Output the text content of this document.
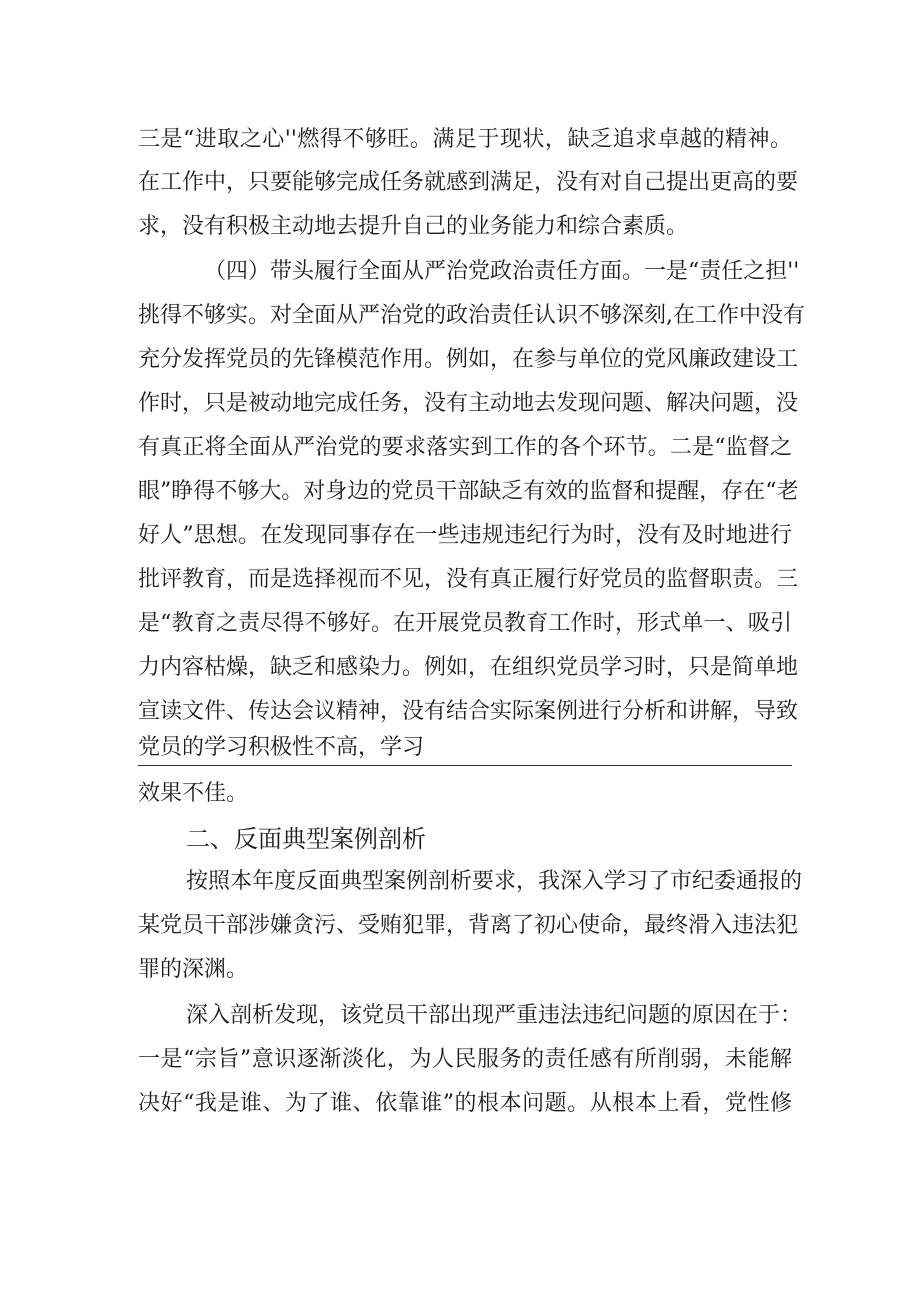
三是“进取之心''燃得不够旺。满足于现状，缺乏追求卓越的精神。
在工作中，只要能够完成任务就感到满足，没有对自己提出更高的要
求，没有积极主动地去提升自己的业务能力和综合素质。
（四）带头履行全面从严治党政治责任方面。一是“责任之担''
挑得不够实。对全面从严治党的政治责任认识不够深刻,在工作中没有
充分发挥党员的先锋模范作用。例如，在参与单位的党风廉政建设工
作时，只是被动地完成任务，没有主动地去发现问题、解决问题，没
有真正将全面从严治党的要求落实到工作的各个环节。二是“监督之
眼”睁得不够大。对身边的党员干部缺乏有效的监督和提醒，存在“老
好人”思想。在发现同事存在一些违规违纪行为时，没有及时地进行
批评教育，而是选择视而不见，没有真正履行好党员的监督职责。三
是“教育之责尽得不够好。在开展党员教育工作时，形式单一、吸引
力内容枯燥，缺乏和感染力。例如，在组织党员学习时，只是简单地
宣读文件、传达会议精神，没有结合实际案例进行分析和讲解，导致
党员的学习积极性不高，学习
效果不佳。
二、反面典型案例剖析
按照本年度反面典型案例剖析要求，我深入学习了市纪委通报的
某党员干部涉嫌贪污、受贿犯罪，背离了初心使命，最终滑入违法犯
罪的深渊。
深入剖析发现，该党员干部出现严重违法违纪问题的原因在于：
一是“宗旨”意识逐渐淡化，为人民服务的责任感有所削弱，未能解
决好“我是谁、为了谁、依靠谁”的根本问题。从根本上看，党性修
